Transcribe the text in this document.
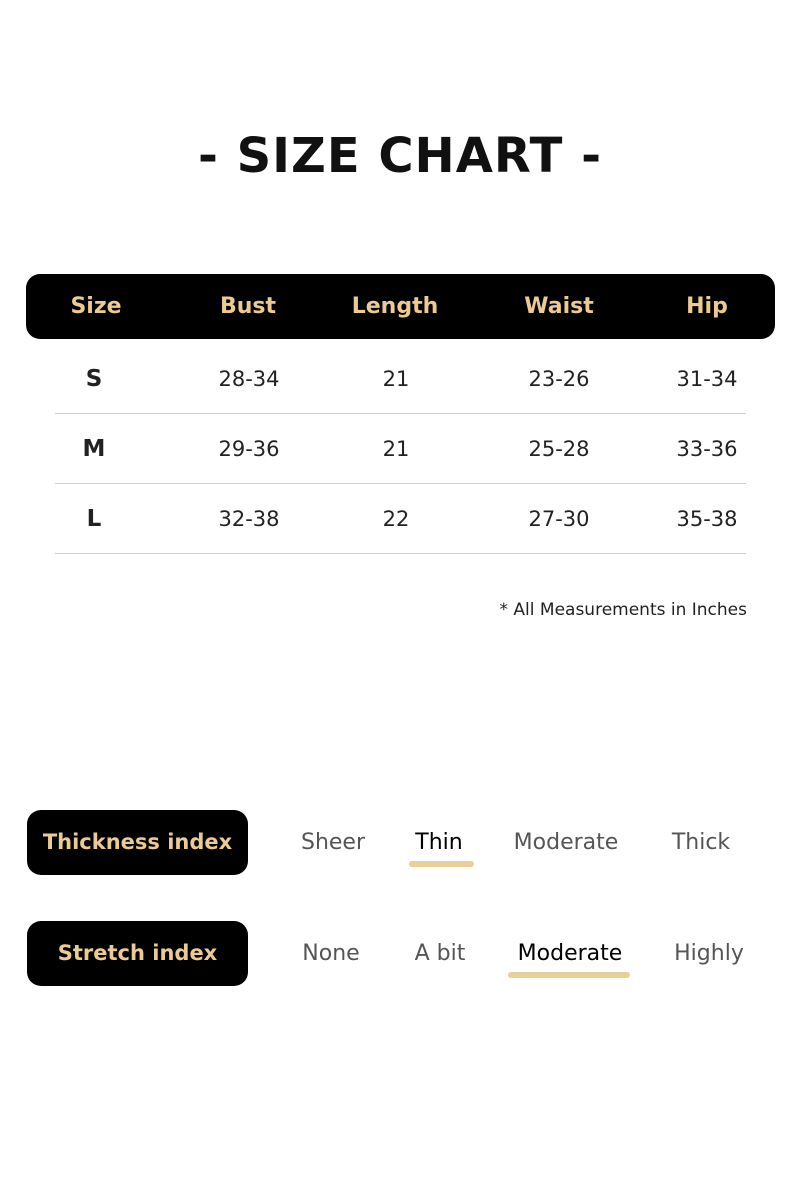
- SIZE CHART -
Size	Bust	Length	Waist	Hip
S	28-34	21	23-26	31-34
M	29-36	21	25-28	33-36
L	32-38	22	27-30	35-38
* All Measurements in Inches
Thickness index	Sheer	Thin	Moderate	Thick
Stretch index	None	A bit	Moderate	Highly
